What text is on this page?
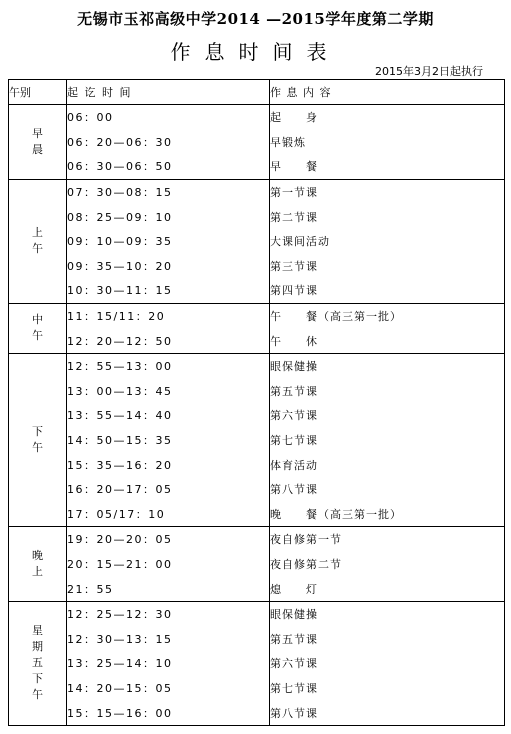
无锡市玉祁高级中学2014 —2015学年度第二学期
作息时间表
2015年3月2日起执行
午别	起 讫 时 间	作 息 内 容
早晨	06：00	起　　身
	06：20—06：30	早锻炼
	06：30—06：50	早　　餐
上午	07：30—08：15	第一节课
	08：25—09：10	第二节课
	09：10—09：35	大课间活动
	09：35—10：20	第三节课
	10：30—11：15	第四节课
中午	11：15/11：20	午　　餐（高三第一批）
	12：20—12：50	午　　休
下午	12：55—13：00	眼保健操
	13：00—13：45	第五节课
	13：55—14：40	第六节课
	14：50—15：35	第七节课
	15：35—16：20	体育活动
	16：20—17：05	第八节课
	17：05/17：10	晚　　餐（高三第一批）
晚上	19：20—20：05	夜自修第一节
	20：15—21：00	夜自修第二节
	21：55	熄　　灯
星期五下午	12：25—12：30	眼保健操
	12：30—13：15	第五节课
	13：25—14：10	第六节课
	14：20—15：05	第七节课
	15：15—16：00	第八节课
